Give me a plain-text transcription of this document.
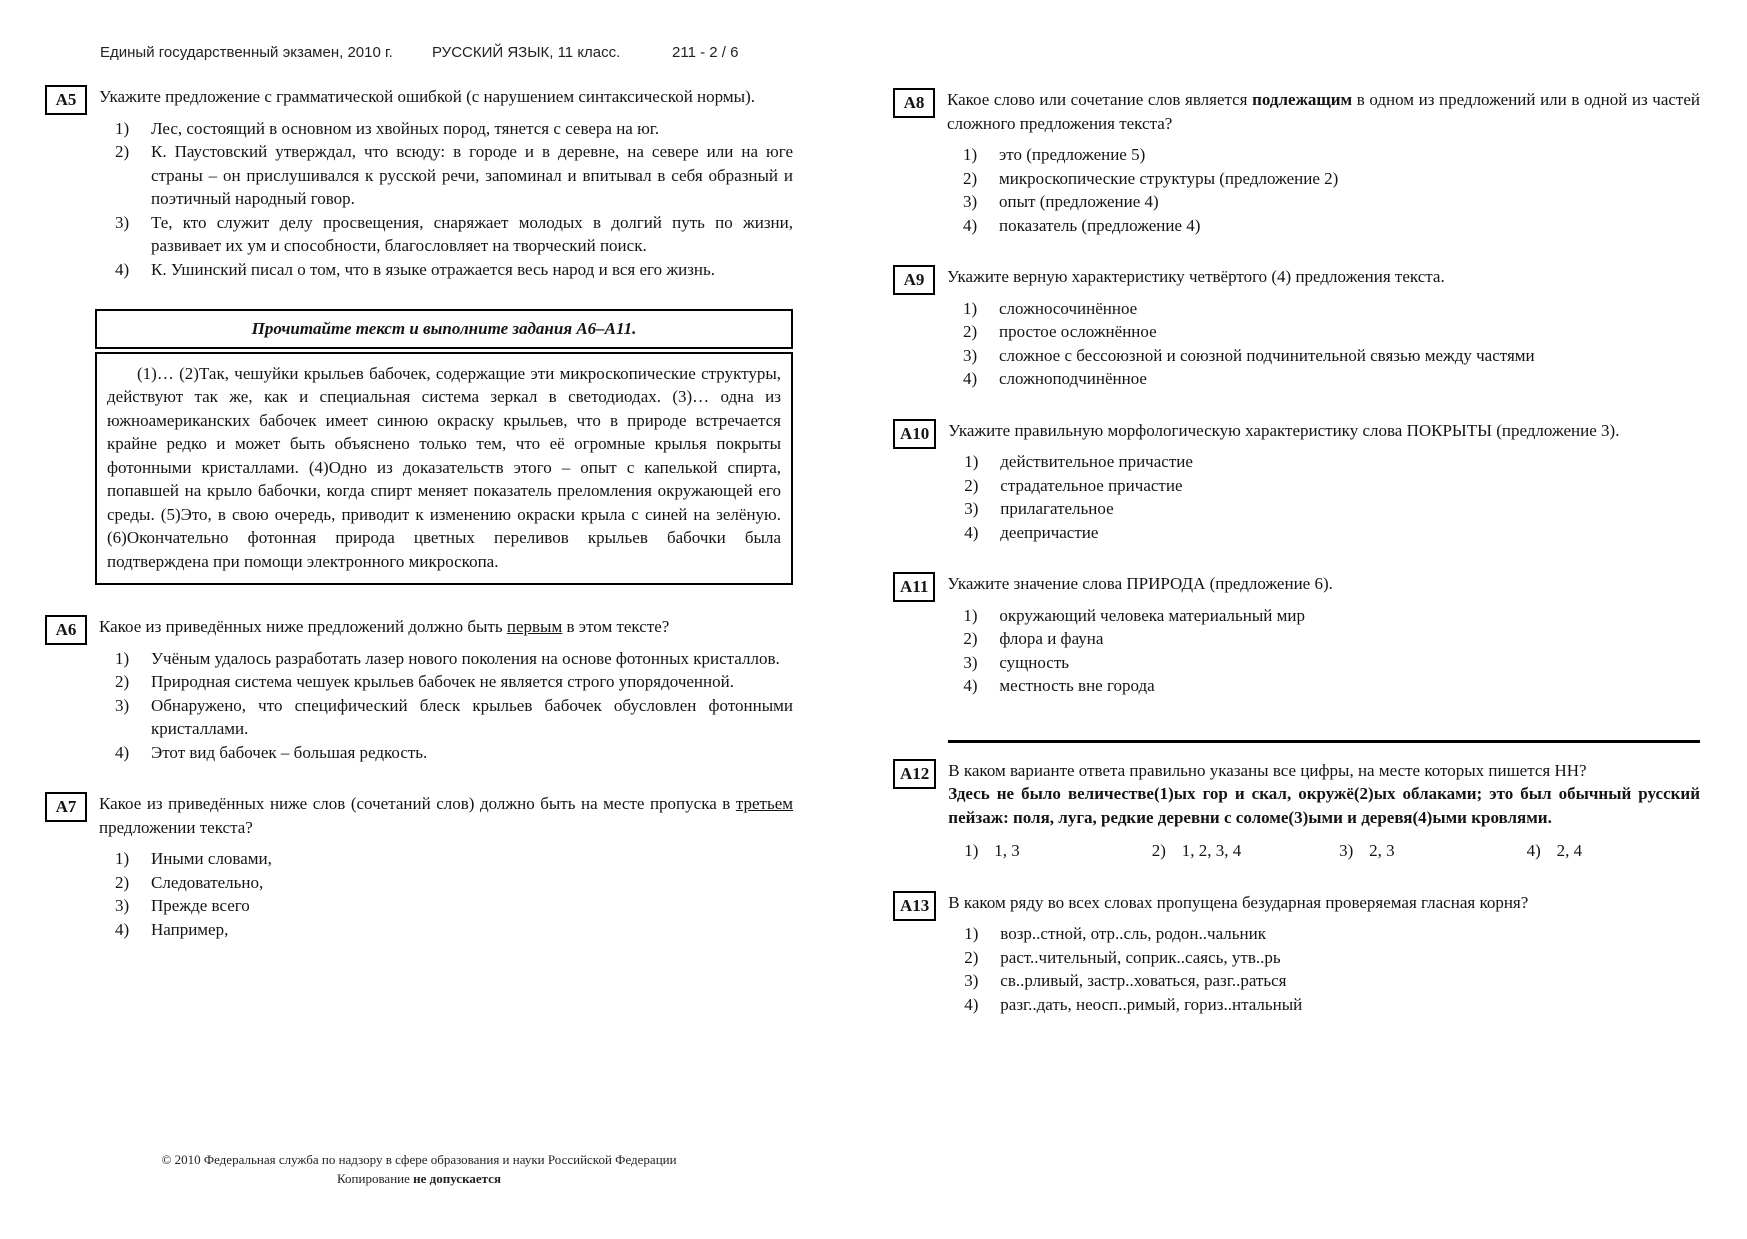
Единый государственный экзамен, 2010 г.	РУССКИЙ ЯЗЫК, 11 класс.	211 - 2 / 6
А5	Укажите предложение с грамматической ошибкой (с нарушением синтаксической нормы).

1)	Лес, состоящий в основном из хвойных пород, тянется с севера на юг.
2)	К. Паустовский утверждал, что всюду: в городе и в деревне, на севере или на юге страны – он прислушивался к русской речи, запоминал и впитывал в себя образный и поэтичный народный говор.
3)	Те, кто служит делу просвещения, снаряжает молодых в долгий путь по жизни, развивает их ум и способности, благословляет на творческий поиск.
4)	К. Ушинский писал о том, что в языке отражается весь народ и вся его жизнь.
Прочитайте текст и выполните задания А6–А11.
(1)… (2)Так, чешуйки крыльев бабочек, содержащие эти микроскопические структуры, действуют так же, как и специальная система зеркал в светодиодах. (3)… одна из южноамериканских бабочек имеет синюю окраску крыльев, что в природе встречается крайне редко и может быть объяснено только тем, что её огромные крылья покрыты фотонными кристаллами. (4)Одно из доказательств этого – опыт с капелькой спирта, попавшей на крыло бабочки, когда спирт меняет показатель преломления окружающей его среды. (5)Это, в свою очередь, приводит к изменению окраски крыла с синей на зелёную. (6)Окончательно фотонная природа цветных переливов крыльев бабочки была подтверждена при помощи электронного микроскопа.
А6	Какое из приведённых ниже предложений должно быть первым в этом тексте?

1)	Учёным удалось разработать лазер нового поколения на основе фотонных кристаллов.
2)	Природная система чешуек крыльев бабочек не является строго упорядоченной.
3)	Обнаружено, что специфический блеск крыльев бабочек обусловлен фотонными кристаллами.
4)	Этот вид бабочек – большая редкость.
А7	Какое из приведённых ниже слов (сочетаний слов) должно быть на месте пропуска в третьем предложении текста?

1)	Иными словами,
2)	Следовательно,
3)	Прежде всего
4)	Например,
А8	Какое слово или сочетание слов является подлежащим в одном из предложений или в одной из частей сложного предложения текста?

1)	это (предложение 5)
2)	микроскопические структуры (предложение 2)
3)	опыт (предложение 4)
4)	показатель (предложение 4)
А9	Укажите верную характеристику четвёртого (4) предложения текста.

1)	сложносочинённое
2)	простое осложнённое
3)	сложное с бессоюзной и союзной подчинительной связью между частями
4)	сложноподчинённое
А10	Укажите правильную морфологическую характеристику слова ПОКРЫТЫ (предложение 3).

1)	действительное причастие
2)	страдательное причастие
3)	прилагательное
4)	деепричастие
А11	Укажите значение слова ПРИРОДА (предложение 6).

1)	окружающий человека материальный мир
2)	флора и фауна
3)	сущность
4)	местность вне города
А12	В каком варианте ответа правильно указаны все цифры, на месте которых пишется НН?

Здесь не было величестве(1)ых гор и скал, окружё(2)ых облаками; это был обычный русский пейзаж: поля, луга, редкие деревни с соломе(3)ыми и деревя(4)ыми кровлями.

1) 1, 3	2) 1, 2, 3, 4	3) 2, 3	4) 2, 4
А13	В каком ряду во всех словах пропущена безударная проверяемая гласная корня?

1)	возр..стной, отр..сль, родон..чальник
2)	раст..чительный, соприк..саясь, утв..рь
3)	св..рливый, застр..ховаться, разг..раться
4)	разг..дать, неосп..римый, гориз..нтальный
© 2010 Федеральная служба по надзору в сфере образования и науки Российской Федерации
Копирование не допускается
